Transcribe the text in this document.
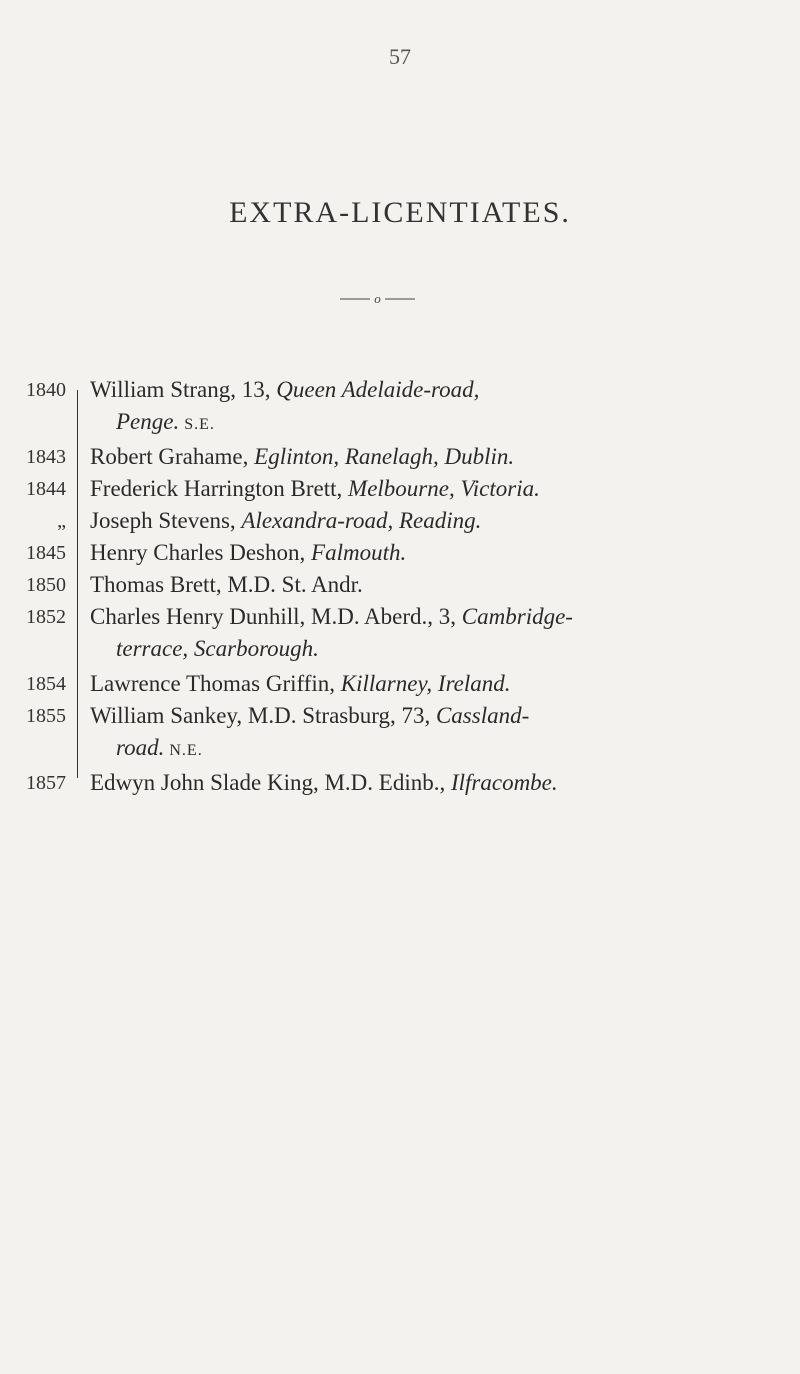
57
EXTRA-LICENTIATES.
o
1840 William Strang, 13, Queen Adelaide-road,
Penge. S.E.
1843 Robert Grahame, Eglinton, Ranelagh, Dublin.
1844 Frederick Harrington Brett, Melbourne, Victoria.
„ Joseph Stevens, Alexandra-road, Reading.
1845 Henry Charles Deshon, Falmouth.
1850 Thomas Brett, M.D. St. Andr.
1852 Charles Henry Dunhill, M.D. Aberd., 3, Cambridge-
terrace, Scarborough.
1854 Lawrence Thomas Griffin, Killarney, Ireland.
1855 William Sankey, M.D. Strasburg, 73, Cassland-
road. N.E.
1857 Edwyn John Slade King, M.D. Edinb., Ilfracombe.
